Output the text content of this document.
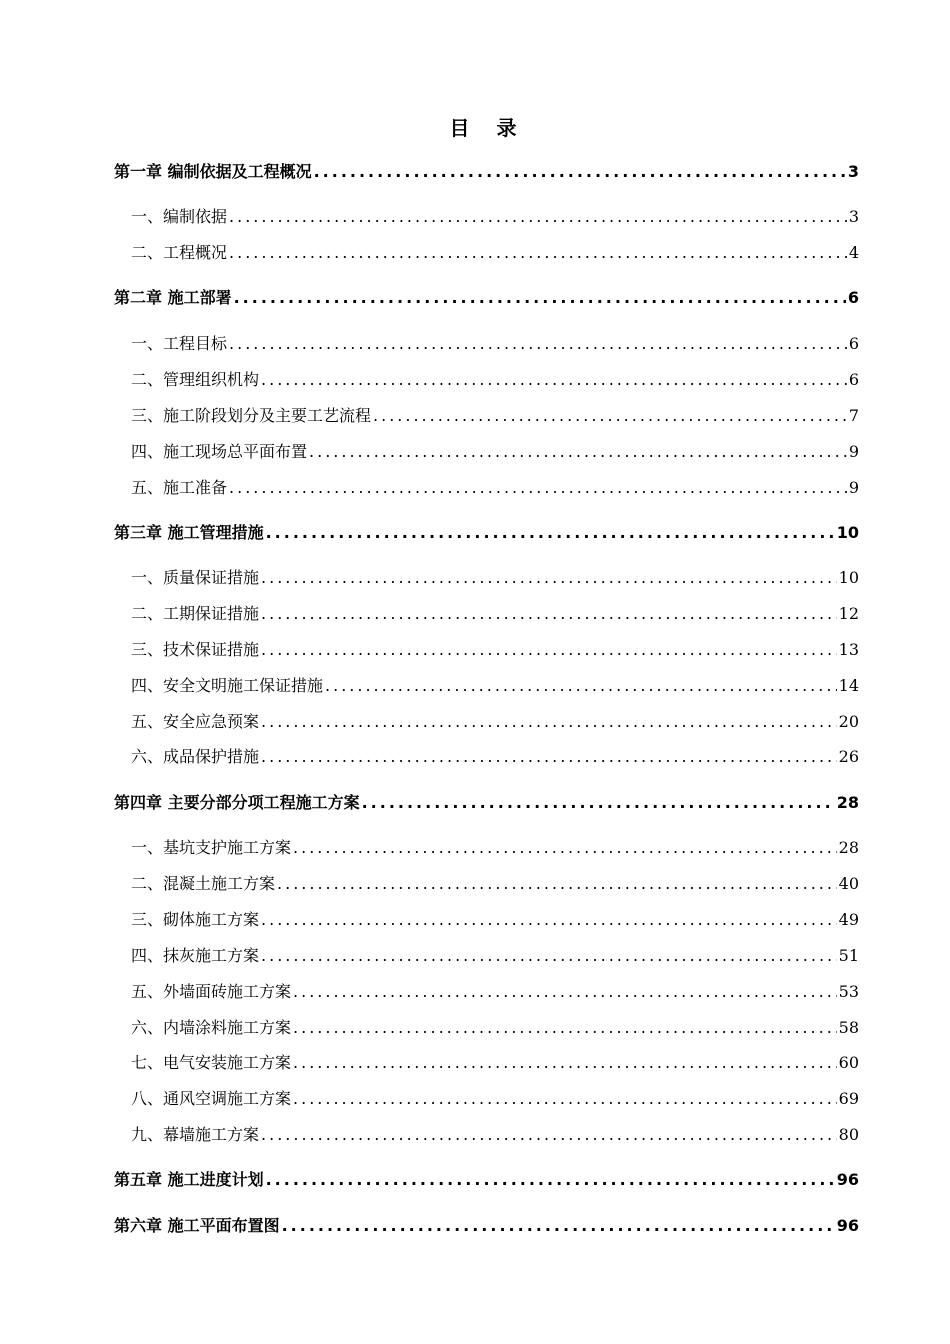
目 录
第一章 编制依据及工程概况 .....	3
一、编制依据 .....	3
二、工程概况 .....	4
第二章 施工部署 .....	6
一、工程目标 .....	6
二、管理组织机构 .....	6
三、施工阶段划分及主要工艺流程 .....	7
四、施工现场总平面布置 .....	9
五、施工准备 .....	9
第三章 施工管理措施 .....	10
一、质量保证措施 .....	10
二、工期保证措施 .....	12
三、技术保证措施 .....	13
四、安全文明施工保证措施 .....	14
五、安全应急预案 .....	20
六、成品保护措施 .....	26
第四章 主要分部分项工程施工方案 .....	28
一、基坑支护施工方案 .....	28
二、混凝土施工方案 .....	40
三、砌体施工方案 .....	49
四、抹灰施工方案 .....	51
五、外墙面砖施工方案 .....	53
六、内墙涂料施工方案 .....	58
七、电气安装施工方案 .....	60
八、通风空调施工方案 .....	69
九、幕墙施工方案 .....	80
第五章 施工进度计划 .....	96
第六章 施工平面布置图 .....	96
